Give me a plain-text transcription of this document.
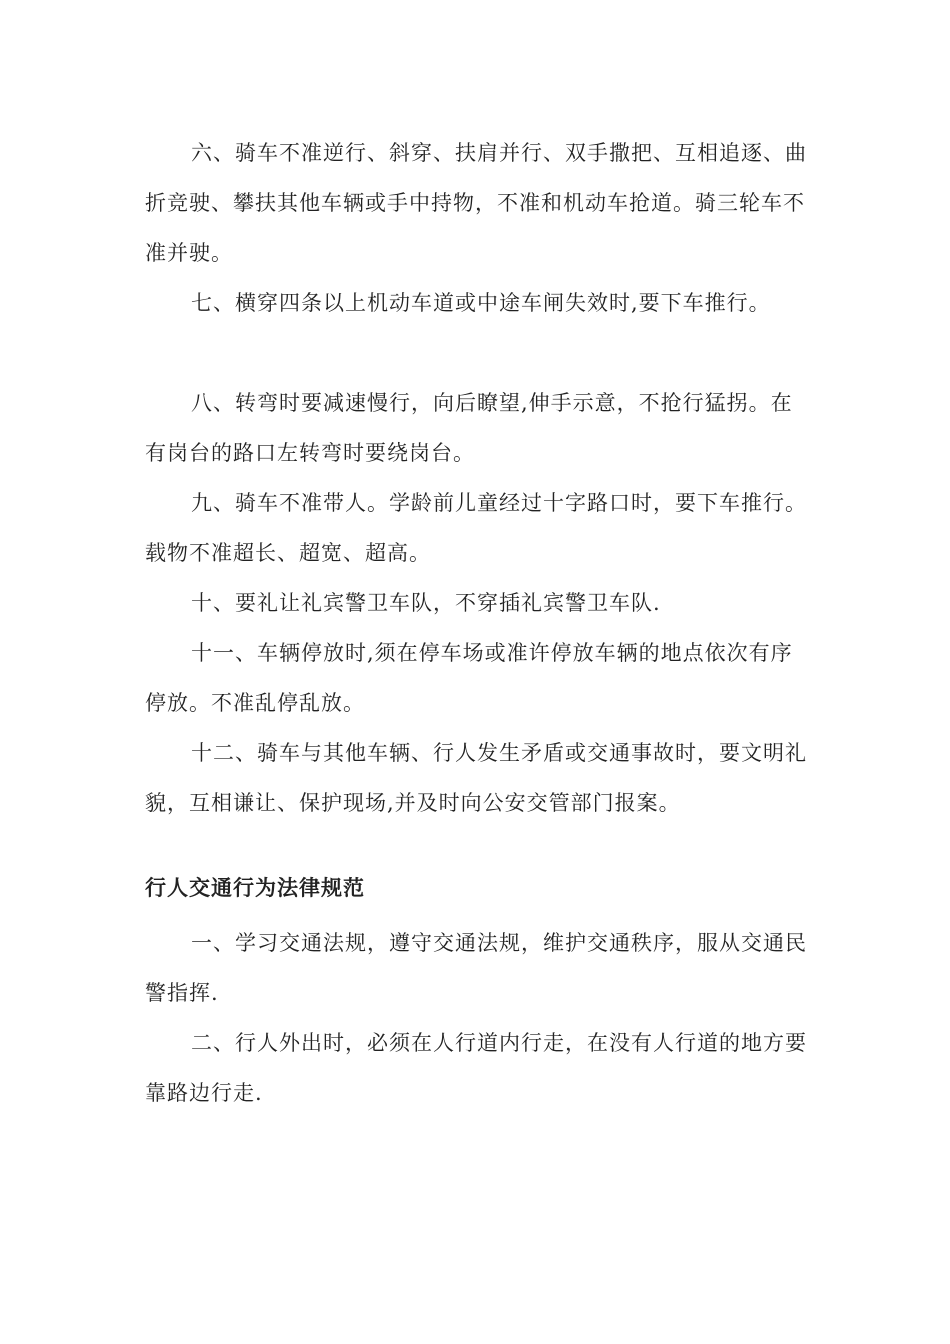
六、骑车不准逆行、斜穿、扶肩并行、双手撒把、互相追逐、曲折竞驶、攀扶其他车辆或手中持物，不准和机动车抢道。骑三轮车不准并驶。

七、横穿四条以上机动车道或中途车闸失效时,要下车推行。

八、转弯时要减速慢行，向后瞭望,伸手示意，不抢行猛拐。在有岗台的路口左转弯时要绕岗台。

九、骑车不准带人。学龄前儿童经过十字路口时，要下车推行。载物不准超长、超宽、超高。

十、要礼让礼宾警卫车队，不穿插礼宾警卫车队.

十一、车辆停放时,须在停车场或准许停放车辆的地点依次有序停放。不准乱停乱放。

十二、骑车与其他车辆、行人发生矛盾或交通事故时，要文明礼貌，互相谦让、保护现场,并及时向公安交管部门报案。

行人交通行为法律规范

一、学习交通法规，遵守交通法规，维护交通秩序，服从交通民警指挥.

二、行人外出时，必须在人行道内行走，在没有人行道的地方要靠路边行走.
